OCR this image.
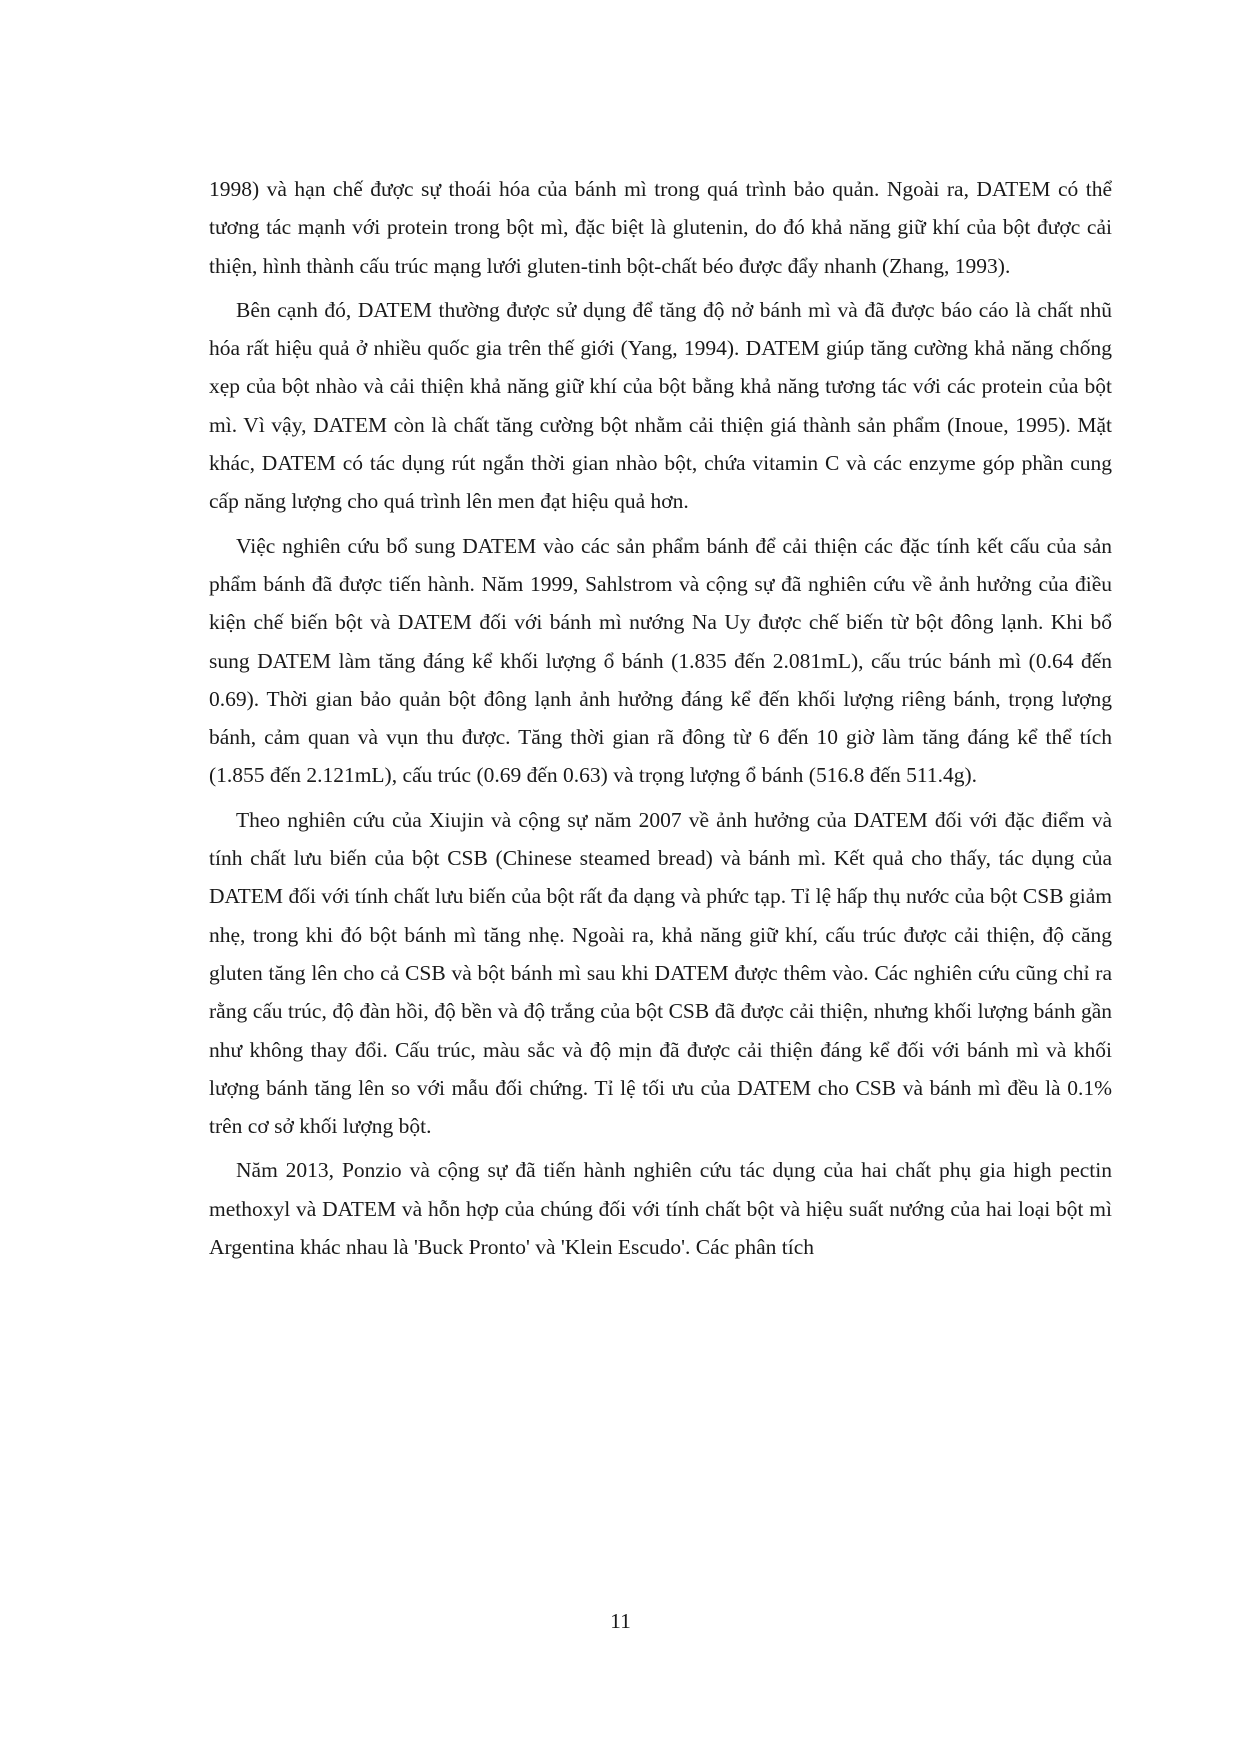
1998) và hạn chế được sự thoái hóa của bánh mì trong quá trình bảo quản. Ngoài ra, DATEM có thể tương tác mạnh với protein trong bột mì, đặc biệt là glutenin, do đó khả năng giữ khí của bột được cải thiện, hình thành cấu trúc mạng lưới gluten-tinh bột-chất béo được đẩy nhanh (Zhang, 1993).

Bên cạnh đó, DATEM thường được sử dụng để tăng độ nở bánh mì và đã được báo cáo là chất nhũ hóa rất hiệu quả ở nhiều quốc gia trên thế giới (Yang, 1994). DATEM giúp tăng cường khả năng chống xẹp của bột nhào và cải thiện khả năng giữ khí của bột bằng khả năng tương tác với các protein của bột mì. Vì vậy, DATEM còn là chất tăng cường bột nhằm cải thiện giá thành sản phẩm (Inoue, 1995). Mặt khác, DATEM có tác dụng rút ngắn thời gian nhào bột, chứa vitamin C và các enzyme góp phần cung cấp năng lượng cho quá trình lên men đạt hiệu quả hơn.

Việc nghiên cứu bổ sung DATEM vào các sản phẩm bánh để cải thiện các đặc tính kết cấu của sản phẩm bánh đã được tiến hành. Năm 1999, Sahlstrom và cộng sự đã nghiên cứu về ảnh hưởng của điều kiện chế biến bột và DATEM đối với bánh mì nướng Na Uy được chế biến từ bột đông lạnh. Khi bổ sung DATEM làm tăng đáng kể khối lượng ổ bánh (1.835 đến 2.081mL), cấu trúc bánh mì (0.64 đến 0.69). Thời gian bảo quản bột đông lạnh ảnh hưởng đáng kể đến khối lượng riêng bánh, trọng lượng bánh, cảm quan và vụn thu được. Tăng thời gian rã đông từ 6 đến 10 giờ làm tăng đáng kể thể tích (1.855 đến 2.121mL), cấu trúc (0.69 đến 0.63) và trọng lượng ổ bánh (516.8 đến 511.4g).

Theo nghiên cứu của Xiujin và cộng sự năm 2007 về ảnh hưởng của DATEM đối với đặc điểm và tính chất lưu biến của bột CSB (Chinese steamed bread) và bánh mì. Kết quả cho thấy, tác dụng của DATEM đối với tính chất lưu biến của bột rất đa dạng và phức tạp. Tỉ lệ hấp thụ nước của bột CSB giảm nhẹ, trong khi đó bột bánh mì tăng nhẹ. Ngoài ra, khả năng giữ khí, cấu trúc được cải thiện, độ căng gluten tăng lên cho cả CSB và bột bánh mì sau khi DATEM được thêm vào. Các nghiên cứu cũng chỉ ra rằng cấu trúc, độ đàn hồi, độ bền và độ trắng của bột CSB đã được cải thiện, nhưng khối lượng bánh gần như không thay đổi. Cấu trúc, màu sắc và độ mịn đã được cải thiện đáng kể đối với bánh mì và khối lượng bánh tăng lên so với mẫu đối chứng. Tỉ lệ tối ưu của DATEM cho CSB và bánh mì đều là 0.1% trên cơ sở khối lượng bột.

Năm 2013, Ponzio và cộng sự đã tiến hành nghiên cứu tác dụng của hai chất phụ gia high pectin methoxyl và DATEM và hỗn hợp của chúng đối với tính chất bột và hiệu suất nướng của hai loại bột mì Argentina khác nhau là 'Buck Pronto' và 'Klein Escudo'. Các phân tích

11
